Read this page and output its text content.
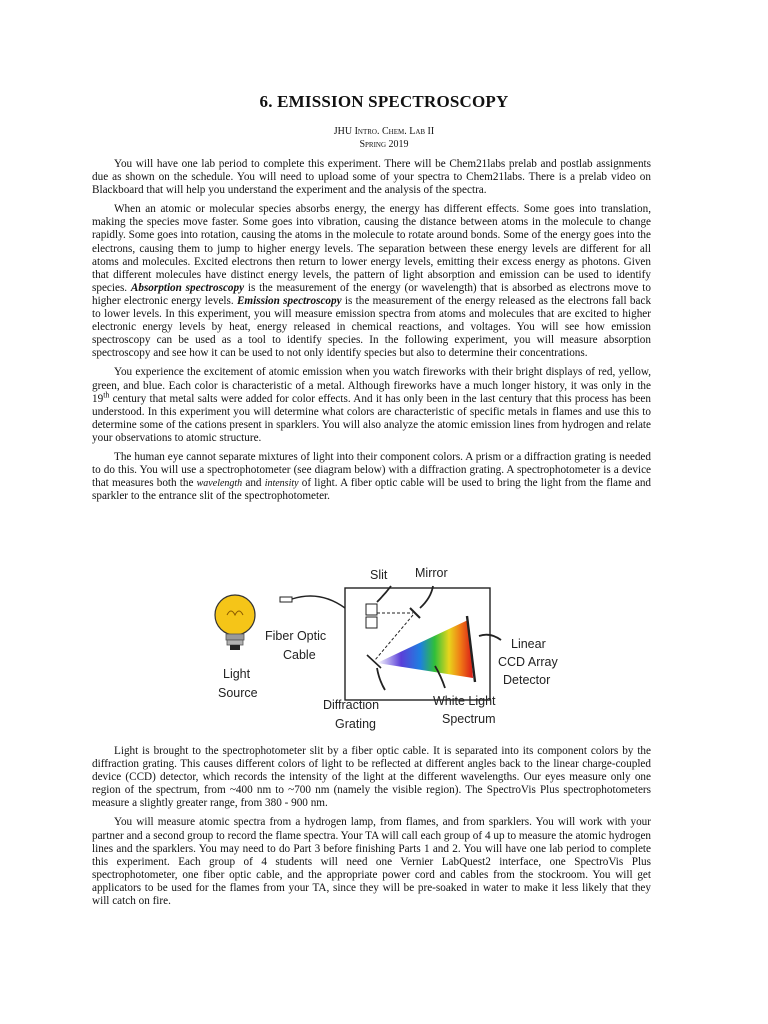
6. EMISSION SPECTROSCOPY
JHU Intro. Chem. Lab II
Spring 2019

You will have one lab period to complete this experiment. There will be Chem21labs prelab and postlab assignments due as shown on the schedule. You will need to upload some of your spectra to Chem21labs. There is a prelab video on Blackboard that will help you understand the experiment and the analysis of the spectra.

When an atomic or molecular species absorbs energy, the energy has different effects. Some goes into translation, making the species move faster. Some goes into vibration, causing the distance between atoms in the molecule to change rapidly. Some goes into rotation, causing the atoms in the molecule to rotate around bonds. Some of the energy goes into the electrons, causing them to jump to higher energy levels. The separation between these energy levels are different for all atoms and molecules. Excited electrons then return to lower energy levels, emitting their excess energy as photons. Given that different molecules have distinct energy levels, the pattern of light absorption and emission can be used to identify species. Absorption spectroscopy is the measurement of the energy (or wavelength) that is absorbed as electrons move to higher electronic energy levels. Emission spectroscopy is the measurement of the energy released as the electrons fall back to lower levels. In this experiment, you will measure emission spectra from atoms and molecules that are excited to higher electronic energy levels by heat, energy released in chemical reactions, and voltages. You will see how emission spectroscopy can be used as a tool to identify species. In the following experiment, you will measure absorption spectroscopy and see how it can be used to not only identify species but also to determine their concentrations.

You experience the excitement of atomic emission when you watch fireworks with their bright displays of red, yellow, green, and blue. Each color is characteristic of a metal. Although fireworks have a much longer history, it was only in the 19th century that metal salts were added for color effects. And it has only been in the last century that this process has been understood. In this experiment you will determine what colors are characteristic of specific metals in flames and use this to determine some of the cations present in sparklers. You will also analyze the atomic emission lines from hydrogen and relate your observations to atomic structure.

The human eye cannot separate mixtures of light into their component colors. A prism or a diffraction grating is needed to do this. You will use a spectrophotometer (see diagram below) with a diffraction grating. A spectrophotometer is a device that measures both the wavelength and intensity of light. A fiber optic cable will be used to bring the light from the flame and sparkler to the entrance slit of the spectrophotometer.

Slit Mirror
Fiber Optic
Cable
Light
Source
Linear
CCD Array
Detector
Diffraction
Grating
White Light
Spectrum

Light is brought to the spectrophotometer slit by a fiber optic cable. It is separated into its component colors by the diffraction grating. This causes different colors of light to be reflected at different angles back to the linear charge-coupled device (CCD) detector, which records the intensity of the light at the different wavelengths. Our eyes measure only one region of the spectrum, from ~400 nm to ~700 nm (namely the visible region). The SpectroVis Plus spectrophotometers measure a slightly greater range, from 380 - 900 nm.

You will measure atomic spectra from a hydrogen lamp, from flames, and from sparklers. You will work with your partner and a second group to record the flame spectra. Your TA will call each group of 4 up to measure the atomic hydrogen lines and the sparklers. You may need to do Part 3 before finishing Parts 1 and 2. You will have one lab period to complete this experiment. Each group of 4 students will need one Vernier LabQuest2 interface, one SpectroVis Plus spectrophotometer, one fiber optic cable, and the appropriate power cord and cables from the stockroom. You will get applicators to be used for the flames from your TA, since they will be pre-soaked in water to make it less likely that they will catch on fire.
